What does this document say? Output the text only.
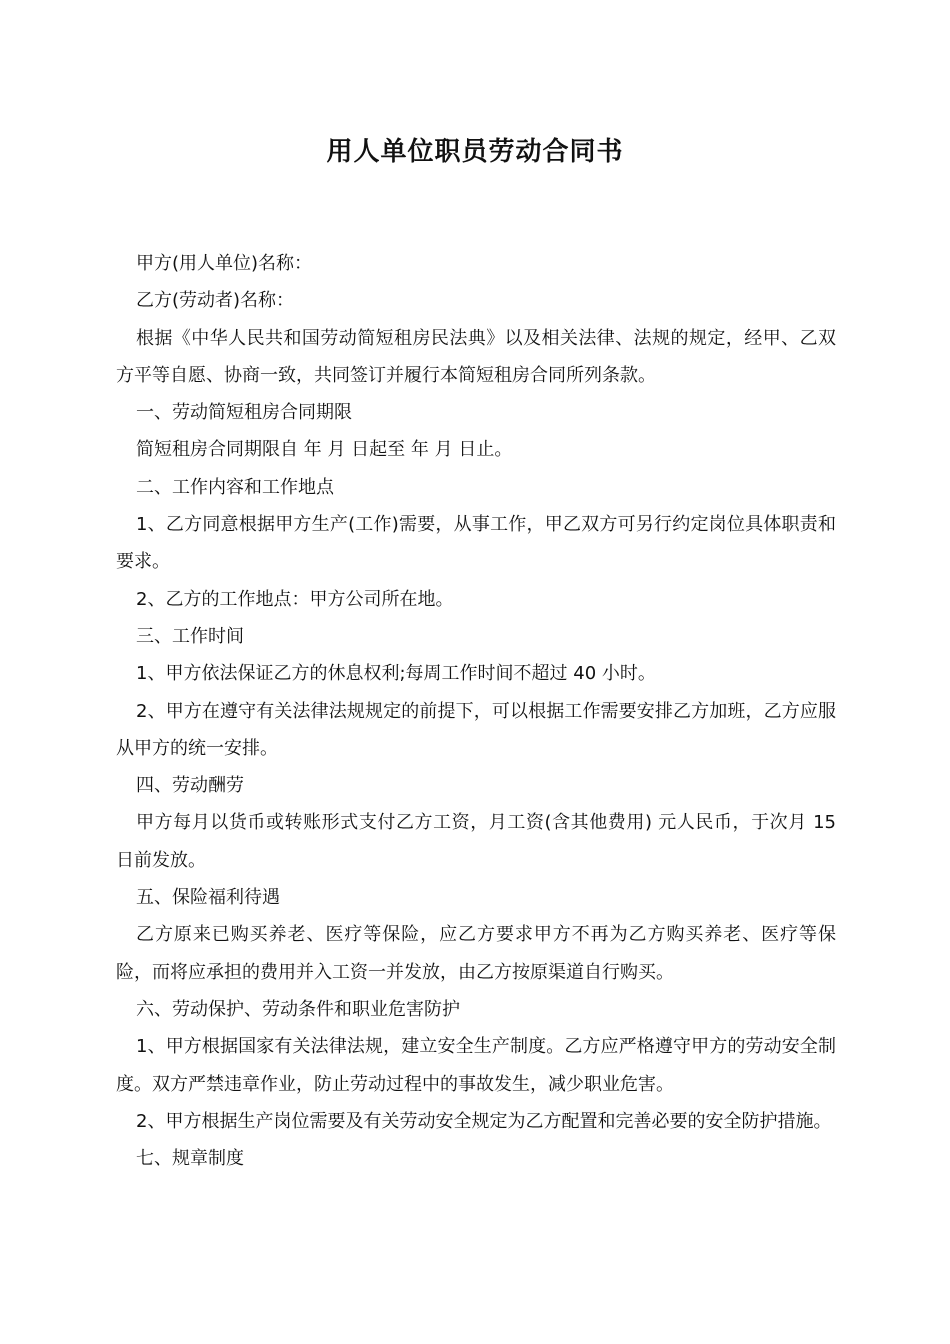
用人单位职员劳动合同书

甲方(用人单位)名称：

乙方(劳动者)名称：

根据《中华人民共和国劳动简短租房民法典》以及相关法律、法规的规定，经甲、乙双方平等自愿、协商一致，共同签订并履行本简短租房合同所列条款。

一、劳动简短租房合同期限

简短租房合同期限自 年 月 日起至 年 月 日止。

二、工作内容和工作地点

1、乙方同意根据甲方生产(工作)需要，从事工作，甲乙双方可另行约定岗位具体职责和要求。

2、乙方的工作地点：甲方公司所在地。

三、工作时间

1、甲方依法保证乙方的休息权利;每周工作时间不超过 40 小时。

2、甲方在遵守有关法律法规规定的前提下，可以根据工作需要安排乙方加班，乙方应服从甲方的统一安排。

四、劳动酬劳

甲方每月以货币或转账形式支付乙方工资，月工资(含其他费用) 元人民币，于次月 15 日前发放。

五、保险福利待遇

乙方原来已购买养老、医疗等保险，应乙方要求甲方不再为乙方购买养老、医疗等保险，而将应承担的费用并入工资一并发放，由乙方按原渠道自行购买。

六、劳动保护、劳动条件和职业危害防护

1、甲方根据国家有关法律法规，建立安全生产制度。乙方应严格遵守甲方的劳动安全制度。双方严禁违章作业，防止劳动过程中的事故发生，减少职业危害。

2、甲方根据生产岗位需要及有关劳动安全规定为乙方配置和完善必要的安全防护措施。

七、规章制度
